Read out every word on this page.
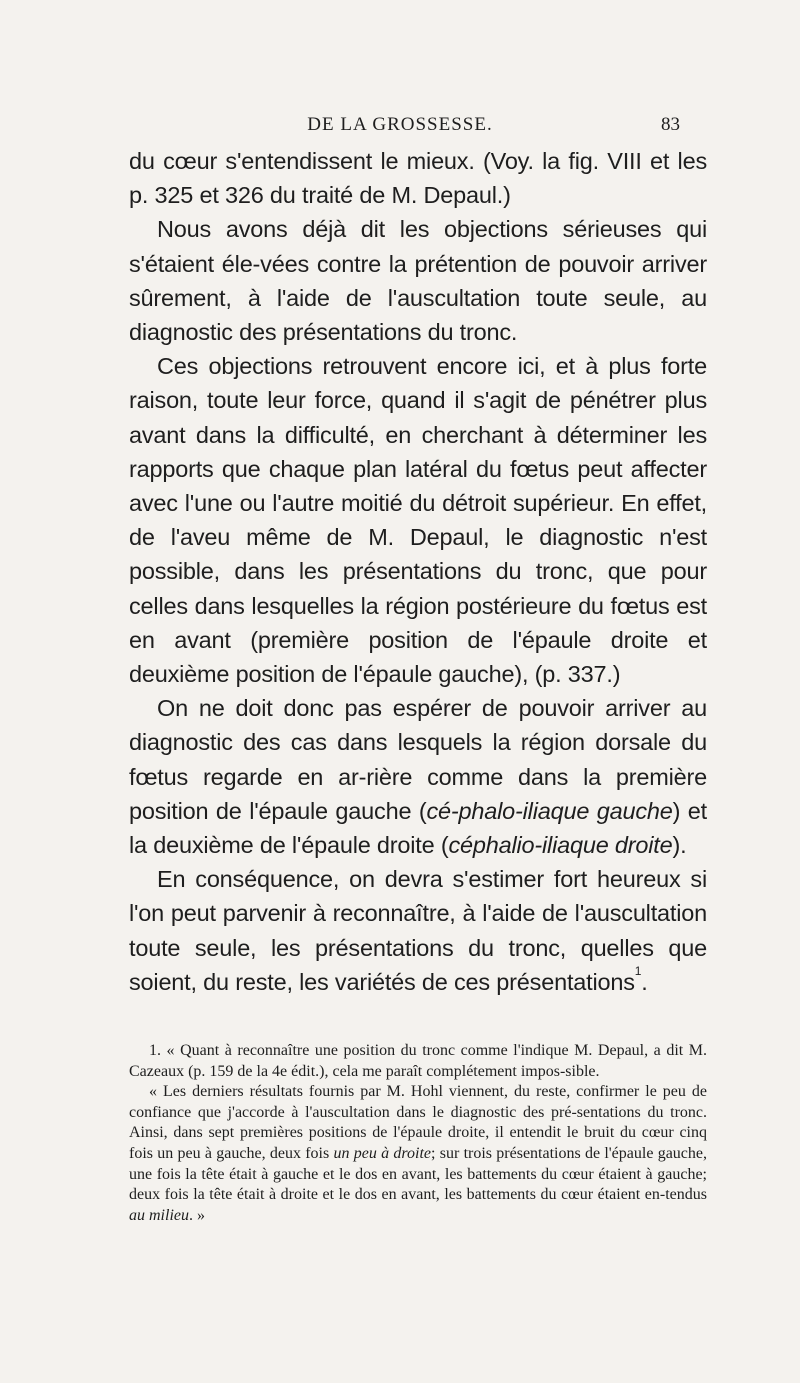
DE LA GROSSESSE.	83

du cœur s'entendissent le mieux. (Voy. la fig. VIII et les p. 325 et 326 du traité de M. Depaul.)

Nous avons déjà dit les objections sérieuses qui s'étaient éle-vées contre la prétention de pouvoir arriver sûrement, à l'aide de l'auscultation toute seule, au diagnostic des présentations du tronc.

Ces objections retrouvent encore ici, et à plus forte raison, toute leur force, quand il s'agit de pénétrer plus avant dans la difficulté, en cherchant à déterminer les rapports que chaque plan latéral du fœtus peut affecter avec l'une ou l'autre moitié du détroit supérieur. En effet, de l'aveu même de M. Depaul, le diagnostic n'est possible, dans les présentations du tronc, que pour celles dans lesquelles la région postérieure du fœtus est en avant (première position de l'épaule droite et deuxième position de l'épaule gauche), (p. 337.)

On ne doit donc pas espérer de pouvoir arriver au diagnostic des cas dans lesquels la région dorsale du fœtus regarde en ar-rière comme dans la première position de l'épaule gauche (cé-phalo-iliaque gauche) et la deuxième de l'épaule droite (céphalio-iliaque droite).

En conséquence, on devra s'estimer fort heureux si l'on peut parvenir à reconnaître, à l'aide de l'auscultation toute seule, les présentations du tronc, quelles que soient, du reste, les variétés de ces présentations$^1$.

1. « Quant à reconnaître une position du tronc comme l'indique M. Depaul, a dit M. Cazeaux (p. 159 de la 4e édit.), cela me paraît complétement impos-sible.

« Les derniers résultats fournis par M. Hohl viennent, du reste, confirmer le peu de confiance que j'accorde à l'auscultation dans le diagnostic des pré-sentations du tronc. Ainsi, dans sept premières positions de l'épaule droite, il entendit le bruit du cœur cinq fois un peu à gauche, deux fois un peu à droite; sur trois présentations de l'épaule gauche, une fois la tête était à gauche et le dos en avant, les battements du cœur étaient à gauche; deux fois la tête était à droite et le dos en avant, les battements du cœur étaient en-tendus au milieu. »
